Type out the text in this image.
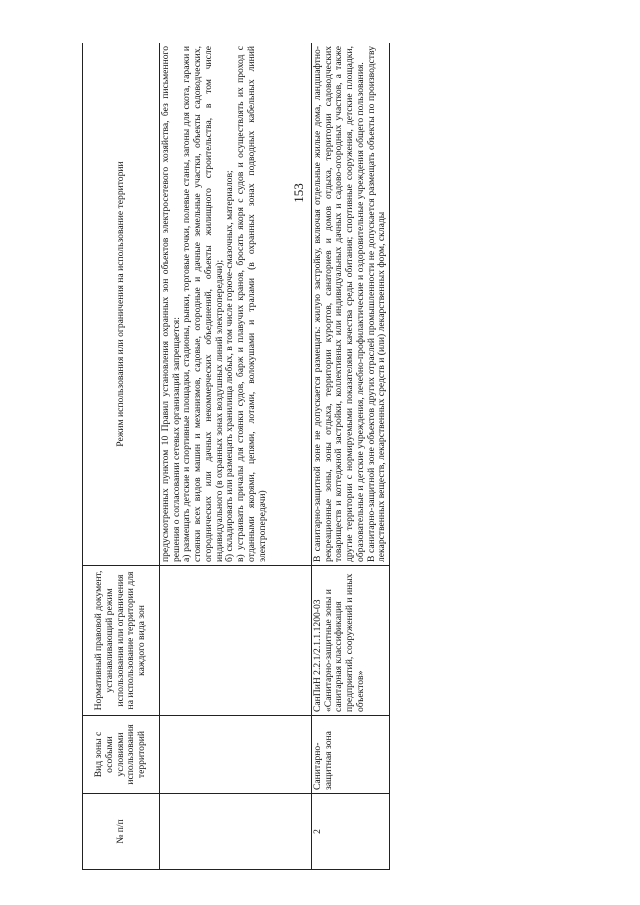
153
№ п/п	Вид зоны с особыми условиями использования территорий	Нормативный правовой документ, устанавливающий режим использования или ограничения на использование территории для каждого вида зон	Режим использования или ограничения на использование территории

			предусмотренных пунктом 10 Правил установления охранных зон объектов электросетевого хозяйства, без письменного решения о согласовании сетевых организаций запрещается: а) размещать детские и спортивные площадки, стадионы, рынки, торговые точки, полевые станы, загоны для скота, гаражи и стоянки всех видов машин и механизмов, садовые, огородные и дачные земельные участки, объекты садоводческих, огороднических или дачных некоммерческих объединений, объекты жилищного строительства, в том числе индивидуального (в охранных зонах воздушных линий электропередачи); б) складировать или размещать хранилища любых, в том числе горюче-смазочных, материалов; в) устраивать причалы для стоянки судов, барж и плавучих кранов, бросать якоря с судов и осуществлять их проход с отданными якорями, цепями, лотами, волокушами и тралами (в охранных зонах подводных кабельных линий электропередачи)

2	Санитарно-защитная зона	СанПиН 2.2.1/2.1.1.1200-03 «Санитарно-защитные зоны и санитарная классификация предприятий, сооружений и иных объектов»	В санитарно-защитной зоне не допускается размещать: жилую застройку, включая отдельные жилые дома, ландшафтно-рекреационные зоны, зоны отдыха, территории курортов, санаториев и домов отдыха, территории садоводческих товариществ и коттеджной застройки, коллективных или индивидуальных дачных и садово-огородных участков, а также другие территории с нормируемыми показателями качества среды обитания; спортивные сооружения, детские площадки, образовательные и детские учреждения, лечебно-профилактические и оздоровительные учреждения общего пользования. В санитарно-защитной зоне объектов других отраслей промышленности не допускается размещать объекты по производству лекарственных веществ, лекарственных средств и (или) лекарственных форм, склады
